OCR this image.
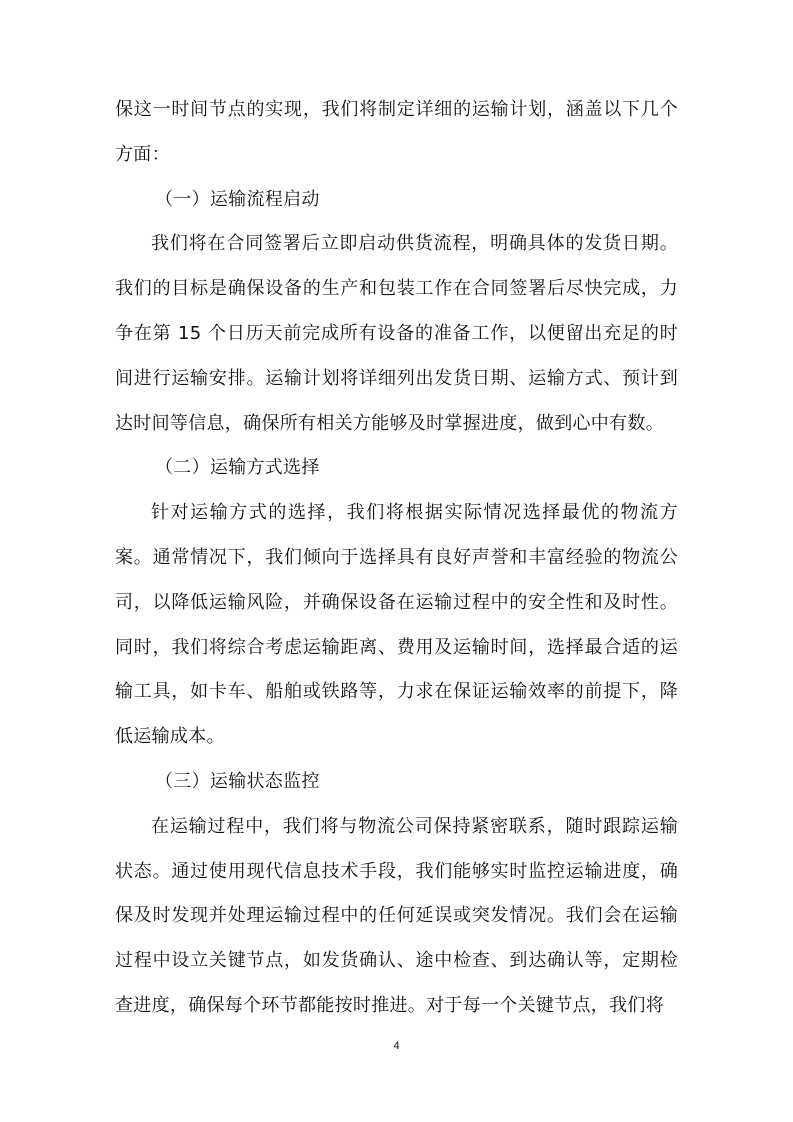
保这一时间节点的实现，我们将制定详细的运输计划，涵盖以下几个方面：

（一）运输流程启动

我们将在合同签署后立即启动供货流程，明确具体的发货日期。我们的目标是确保设备的生产和包装工作在合同签署后尽快完成，力争在第 15 个日历天前完成所有设备的准备工作，以便留出充足的时间进行运输安排。运输计划将详细列出发货日期、运输方式、预计到达时间等信息，确保所有相关方能够及时掌握进度，做到心中有数。

（二）运输方式选择

针对运输方式的选择，我们将根据实际情况选择最优的物流方案。通常情况下，我们倾向于选择具有良好声誉和丰富经验的物流公司，以降低运输风险，并确保设备在运输过程中的安全性和及时性。同时，我们将综合考虑运输距离、费用及运输时间，选择最合适的运输工具，如卡车、船舶或铁路等，力求在保证运输效率的前提下，降低运输成本。

（三）运输状态监控

在运输过程中，我们将与物流公司保持紧密联系，随时跟踪运输状态。通过使用现代信息技术手段，我们能够实时监控运输进度，确保及时发现并处理运输过程中的任何延误或突发情况。我们会在运输过程中设立关键节点，如发货确认、途中检查、到达确认等，定期检查进度，确保每个环节都能按时推进。对于每一个关键节点，我们将

4
